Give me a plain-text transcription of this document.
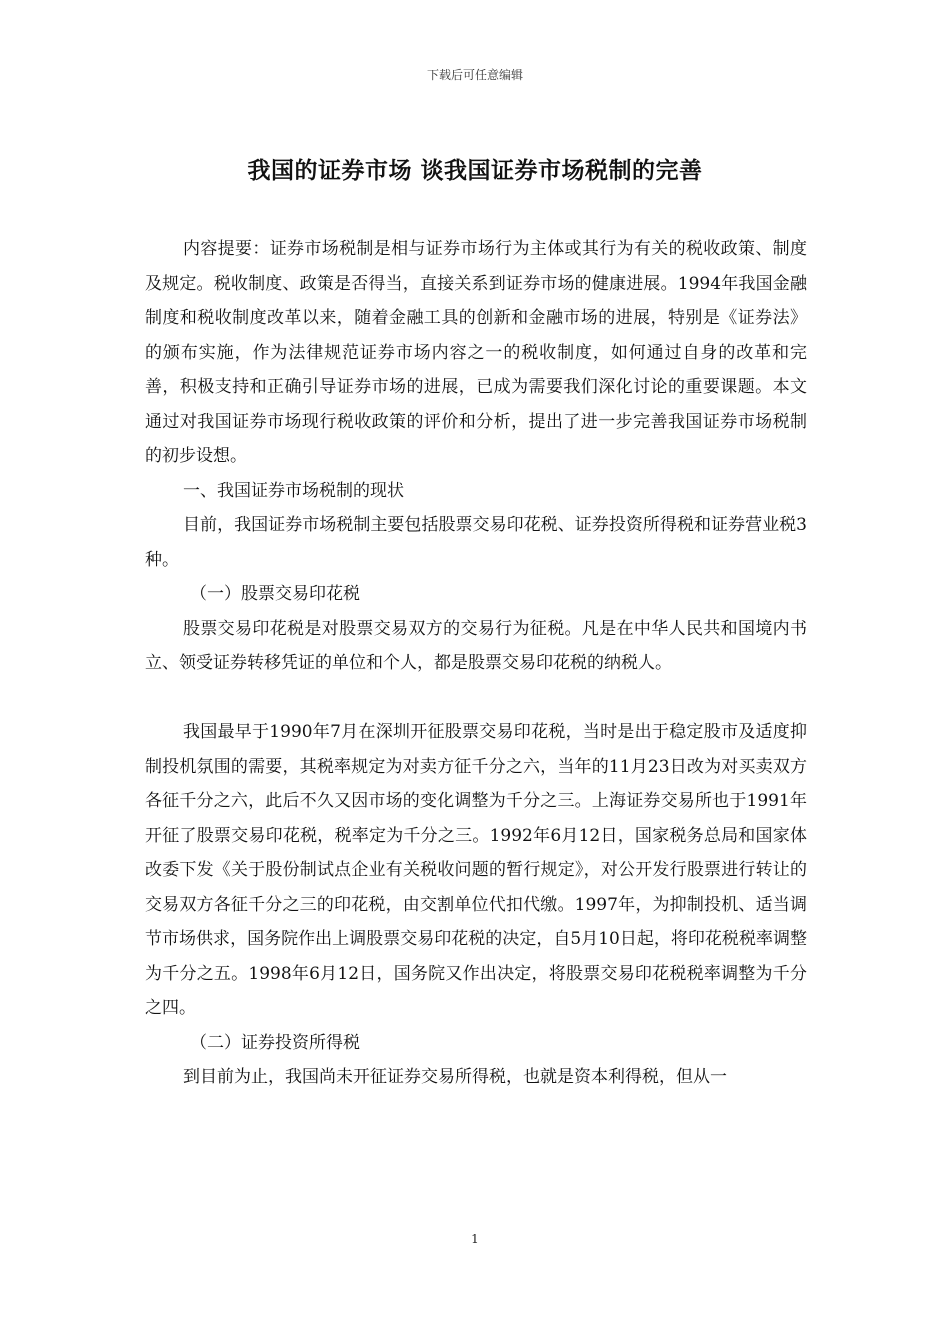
下载后可任意编辑
我国的证券市场 谈我国证券市场税制的完善

内容提要：证券市场税制是相与证券市场行为主体或其行为有关的税收政策、制度及规定。税收制度、政策是否得当，直接关系到证券市场的健康进展。1994年我国金融制度和税收制度改革以来，随着金融工具的创新和金融市场的进展，特别是《证券法》的颁布实施，作为法律规范证券市场内容之一的税收制度，如何通过自身的改革和完善，积极支持和正确引导证券市场的进展，已成为需要我们深化讨论的重要课题。本文通过对我国证券市场现行税收政策的评价和分析，提出了进一步完善我国证券市场税制的初步设想。

一、我国证券市场税制的现状

目前，我国证券市场税制主要包括股票交易印花税、证券投资所得税和证券营业税3种。

（一）股票交易印花税

股票交易印花税是对股票交易双方的交易行为征税。凡是在中华人民共和国境内书立、领受证券转移凭证的单位和个人，都是股票交易印花税的纳税人。

我国最早于1990年7月在深圳开征股票交易印花税，当时是出于稳定股市及适度抑制投机氛围的需要，其税率规定为对卖方征千分之六，当年的11月23日改为对买卖双方各征千分之六，此后不久又因市场的变化调整为千分之三。上海证券交易所也于1991年开征了股票交易印花税，税率定为千分之三。1992年6月12日，国家税务总局和国家体改委下发《关于股份制试点企业有关税收问题的暂行规定》，对公开发行股票进行转让的交易双方各征千分之三的印花税，由交割单位代扣代缴。1997年，为抑制投机、适当调节市场供求，国务院作出上调股票交易印花税的决定，自5月10日起，将印花税税率调整为千分之五。1998年6月12日，国务院又作出决定，将股票交易印花税税率调整为千分之四。

（二）证券投资所得税

到目前为止，我国尚未开征证券交易所得税，也就是资本利得税，但从一

1
